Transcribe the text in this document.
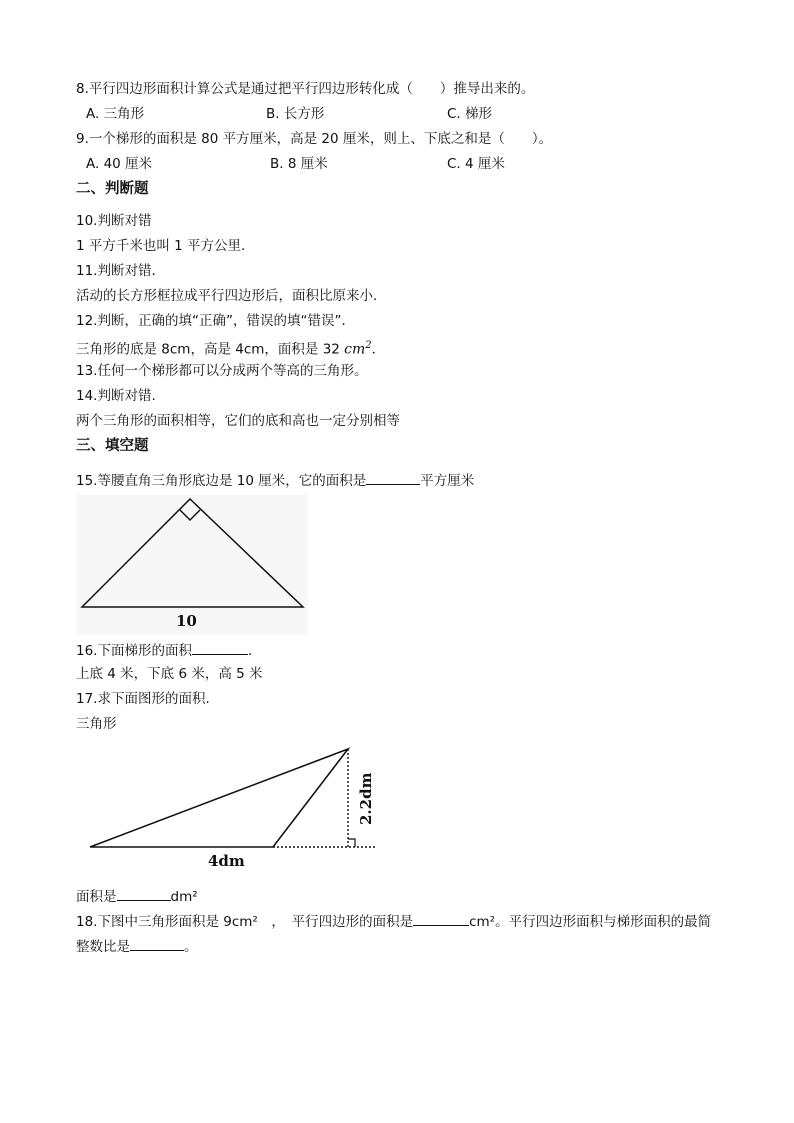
8.平行四边形面积计算公式是通过把平行四边形转化成（　　）推导出来的。
A. 三角形	B. 长方形	C. 梯形
9.一个梯形的面积是 80 平方厘米，高是 20 厘米，则上、下底之和是（　　）。
A. 40 厘米	B. 8 厘米	C. 4 厘米
二、判断题
10.判断对错
1 平方千米也叫 1 平方公里．
11.判断对错．
活动的长方形框拉成平行四边形后，面积比原来小．
12.判断，正确的填“正确”，错误的填“错误”．
三角形的底是 8cm，高是 4cm，面积是 32 $cm^2$．
13.任何一个梯形都可以分成两个等高的三角形。
14.判断对错.
两个三角形的面积相等，它们的底和高也一定分别相等
三、填空题
15.等腰直角三角形底边是 10 厘米，它的面积是	平方厘米
10
16.下面梯形的面积	．
上底 4 米，下底 6 米，高 5 米
17.求下面图形的面积．
三角形
4dm
2.2dm
面积是	dm²
18.下图中三角形面积是 9cm²　，　平行四边形的面积是	cm²。平行四边形面积与梯形面积的最简
整数比是	。
